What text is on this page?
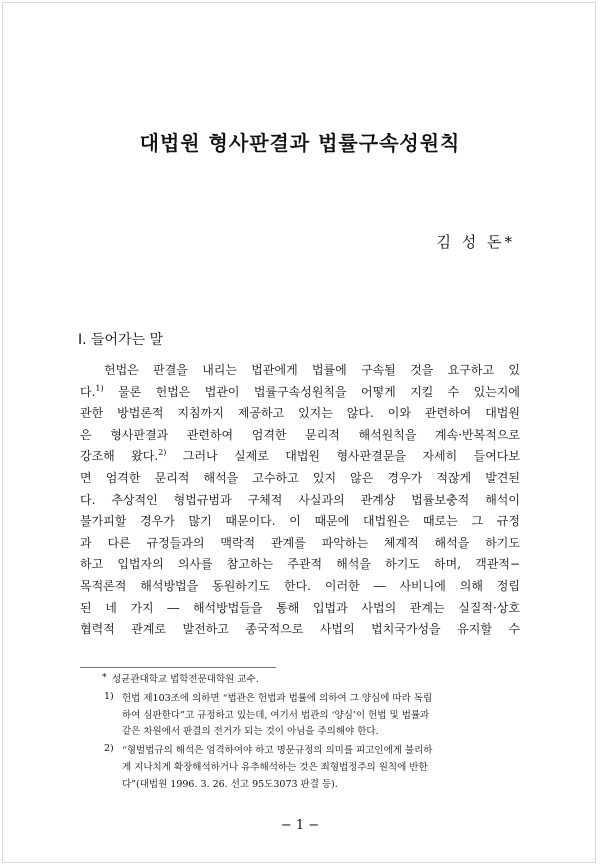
대법원 형사판결과 법률구속성원칙
김 성 돈*
Ⅰ. 들어가는 말
헌법은 판결을 내리는 법관에게 법률에 구속될 것을 요구하고 있
다.$^{1)}$ 물론 헌법은 법관이 법률구속성원칙을 어떻게 지킬 수 있는지에
관한 방법론적 지침까지 제공하고 있지는 않다. 이와 관련하여 대법원
은 형사판결과 관련하여 엄격한 문리적 해석원칙을 계속·반복적으로
강조해 왔다.$^{2)}$ 그러나 실제로 대법원 형사판결문을 자세히 들여다보
면 엄격한 문리적 해석을 고수하고 있지 않은 경우가 적잖게 발견된
다. 추상적인 형법규범과 구체적 사실과의 관계상 법률보충적 해석이
불가피할 경우가 많기 때문이다. 이 때문에 대법원은 때로는 그 규정
과 다른 규정들과의 맥락적 관계를 파악하는 체계적 해석을 하기도
하고 입법자의 의사를 참고하는 주관적 해석을 하기도 하며, 객관적−
목적론적 해석방법을 동원하기도 한다. 이러한 ― 사비니에 의해 정립
된 네 가지 ― 해석방법들을 통해 입법과 사법의 관계는 실질적·상호
협력적 관계로 발전하고 종국적으로 사법의 법치국가성을 유지할 수
* 성균관대학교 법학전문대학원 교수.
1) 헌법 제103조에 의하면 “법관은 헌법과 법률에 의하여 그 양심에 따라 독립
하여 심판한다”고 규정하고 있는데, 여기서 법관의 ‘양심’이 헌법 및 법률과
같은 차원에서 판결의 전거가 되는 것이 아님을 주의해야 한다.
2) “형벌법규의 해석은 엄격하여야 하고 명문규정의 의미를 피고인에게 불리하
게 지나치게 확장해석하거나 유추해석하는 것은 죄형법정주의 원칙에 반한
다”(대법원 1996. 3. 26. 선고 95도3073 판결 등).
− 1 −
